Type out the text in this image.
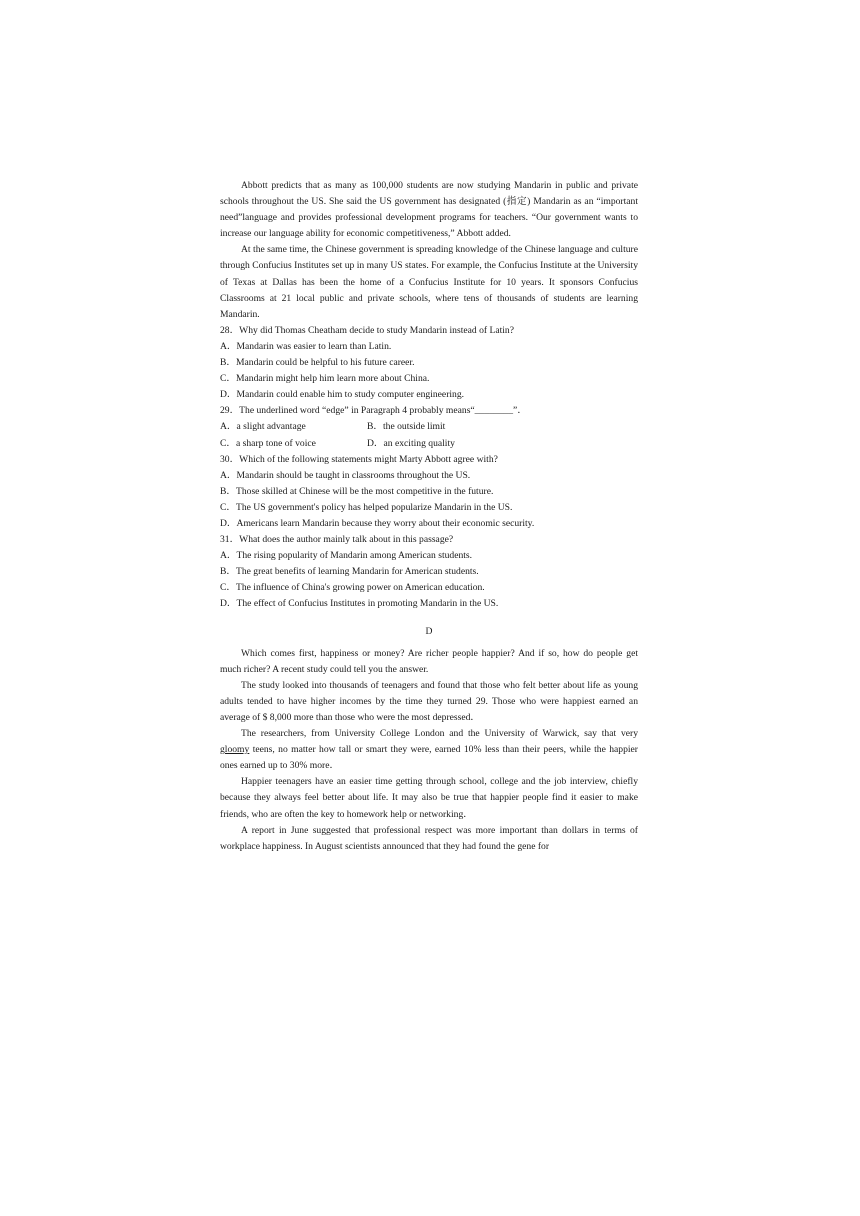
Abbott predicts that as many as 100,000 students are now studying Mandarin in public and private schools throughout the US. She said the US government has designated (指定) Mandarin as an “important need”language and provides professional development programs for teachers. “Our government wants to increase our language ability for economic competitiveness,” Abbott added.

At the same time, the Chinese government is spreading knowledge of the Chinese language and culture through Confucius Institutes set up in many US states. For example, the Confucius Institute at the University of Texas at Dallas has been the home of a Confucius Institute for 10 years. It sponsors Confucius Classrooms at 21 local public and private schools, where tens of thousands of students are learning Mandarin.

28．Why did Thomas Cheatham decide to study Mandarin instead of Latin?

A．Mandarin was easier to learn than Latin.

B．Mandarin could be helpful to his future career.

C．Mandarin might help him learn more about China.

D．Mandarin could enable him to study computer engineering.

29．The underlined word “edge” in Paragraph 4 probably means“________”．

A．a slight advantage	B．the outside limit
C．a sharp tone of voice	D．an exciting quality

30．Which of the following statements might Marty Abbott agree with?

A．Mandarin should be taught in classrooms throughout the US.

B．Those skilled at Chinese will be the most competitive in the future.

C．The US government's policy has helped popularize Mandarin in the US.

D．Americans learn Mandarin because they worry about their economic security.

31．What does the author mainly talk about in this passage?

A．The rising popularity of Mandarin among American students.

B．The great benefits of learning Mandarin for American students.

C．The influence of China's growing power on American education.

D．The effect of Confucius Institutes in promoting Mandarin in the US.

D

Which comes first, happiness or money? Are richer people happier? And if so, how do people get much richer? A recent study could tell you the answer.

The study looked into thousands of teenagers and found that those who felt better about life as young adults tended to have higher incomes by the time they turned 29. Those who were happiest earned an average of $ 8,000 more than those who were the most depressed．

The researchers, from University College London and the University of Warwick, say that very gloomy teens, no matter how tall or smart they were, earned 10% less than their peers, while the happier ones earned up to 30% more．

Happier teenagers have an easier time getting through school, college and the job interview, chiefly because they always feel better about life. It may also be true that happier people find it easier to make friends, who are often the key to homework help or networking．

A report in June suggested that professional respect was more important than dollars in terms of workplace happiness. In August scientists announced that they had found the gene for
